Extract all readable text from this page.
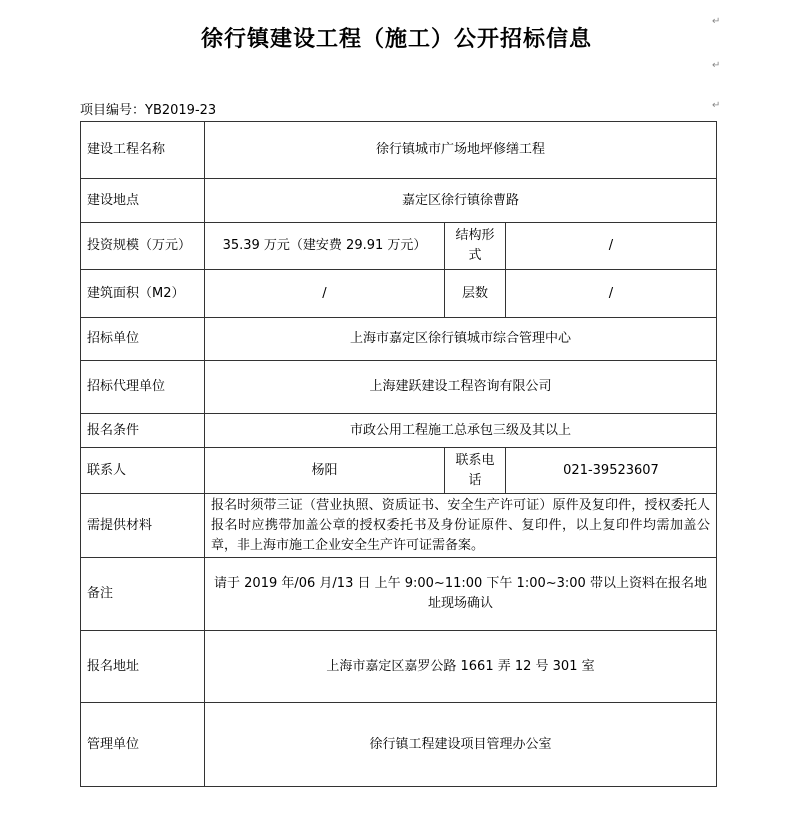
徐行镇建设工程（施工）公开招标信息
↵
↵
↵
项目编号：YB2019-23
建设工程名称	徐行镇城市广场地坪修缮工程		
建设地点	嘉定区徐行镇徐曹路		
投资规模（万元）	35.39 万元（建安费 29.91 万元）	结构形式	/
建筑面积（M2）	/	层数	/
招标单位	上海市嘉定区徐行镇城市综合管理中心		
招标代理单位	上海建跃建设工程咨询有限公司		
报名条件	市政公用工程施工总承包三级及其以上		
联系人	杨阳	联系电话	021-39523607
需提供材料	报名时须带三证（营业执照、资质证书、安全生产许可证）原件及复印件，授权委托人报名时应携带加盖公章的授权委托书及身份证原件、复印件，以上复印件均需加盖公章，非上海市施工企业安全生产许可证需备案。		
备注	请于 2019 年/06 月/13 日 上午 9:00~11:00 下午 1:00~3:00 带以上资料在报名地址现场确认		
报名地址	上海市嘉定区嘉罗公路 1661 弄 12 号 301 室		
管理单位	徐行镇工程建设项目管理办公室		
